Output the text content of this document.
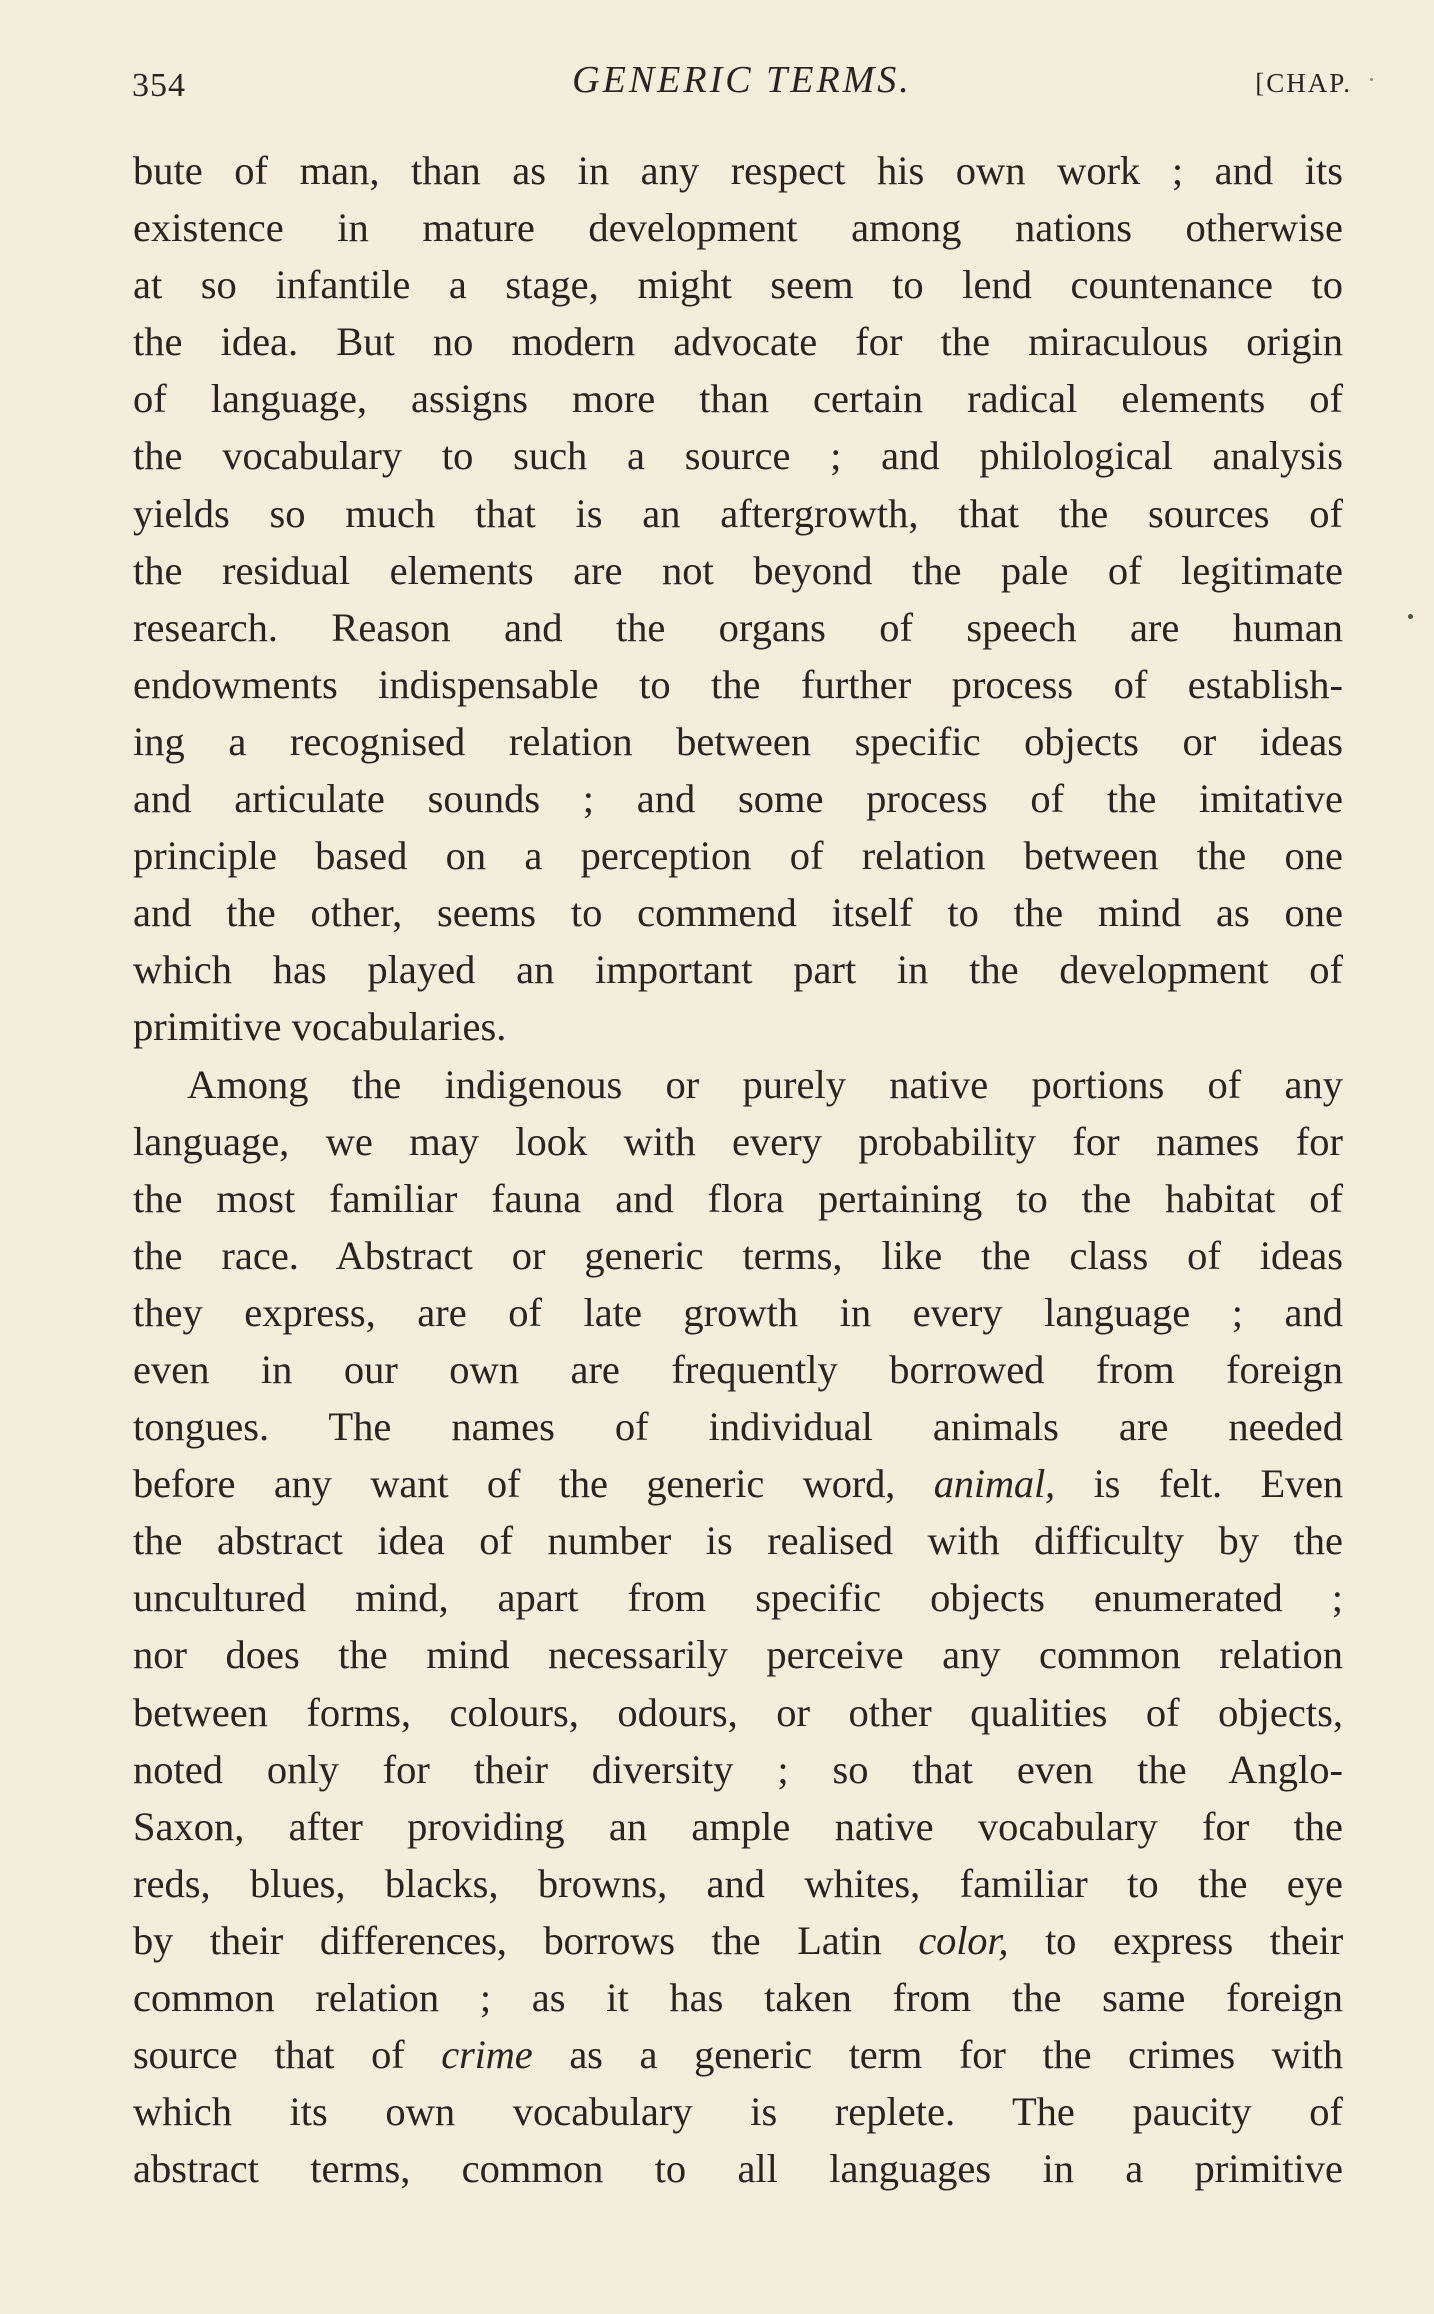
354	GENERIC TERMS.	[CHAP.

bute of man, than as in any respect his own work ; and its

existence in mature development among nations otherwise

at so infantile a stage, might seem to lend countenance to

the idea. But no modern advocate for the miraculous origin

of language, assigns more than certain radical elements of

the vocabulary to such a source ; and philological analysis

yields so much that is an aftergrowth, that the sources of

the residual elements are not beyond the pale of legitimate

research. Reason and the organs of speech are human

endowments indispensable to the further process of establish-

ing a recognised relation between specific objects or ideas

and articulate sounds ; and some process of the imitative

principle based on a perception of relation between the one

and the other, seems to commend itself to the mind as one

which has played an important part in the development of

primitive vocabularies.

Among the indigenous or purely native portions of any

language, we may look with every probability for names for

the most familiar fauna and flora pertaining to the habitat of

the race. Abstract or generic terms, like the class of ideas

they express, are of late growth in every language ; and

even in our own are frequently borrowed from foreign

tongues. The names of individual animals are needed

before any want of the generic word, animal, is felt. Even

the abstract idea of number is realised with difficulty by the

uncultured mind, apart from specific objects enumerated ;

nor does the mind necessarily perceive any common relation

between forms, colours, odours, or other qualities of objects,

noted only for their diversity ; so that even the Anglo-

Saxon, after providing an ample native vocabulary for the

reds, blues, blacks, browns, and whites, familiar to the eye

by their differences, borrows the Latin color, to express their

common relation ; as it has taken from the same foreign

source that of crime as a generic term for the crimes with

which its own vocabulary is replete. The paucity of

abstract terms, common to all languages in a primitive
